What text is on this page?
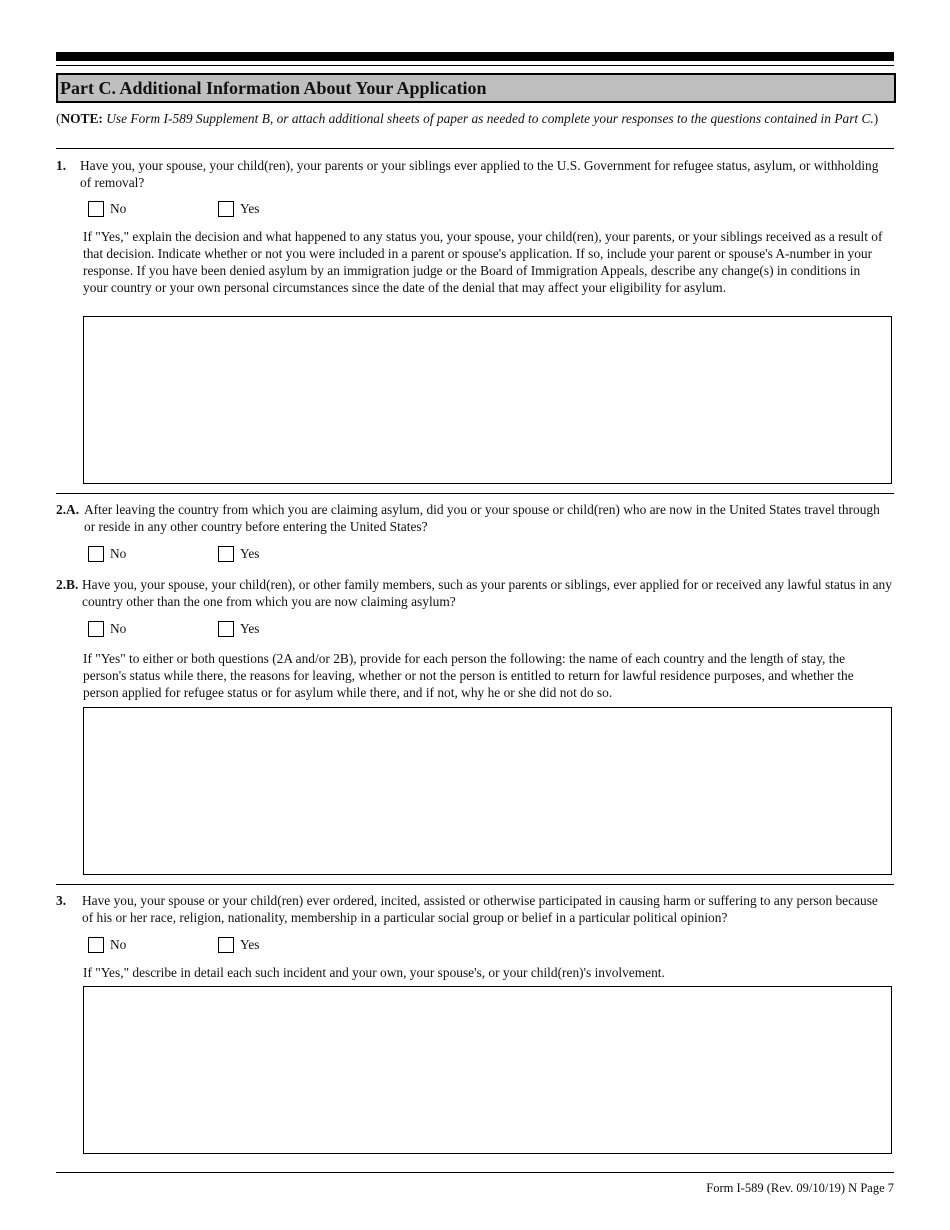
Part C. Additional Information About Your Application
(NOTE: Use Form I-589 Supplement B, or attach additional sheets of paper as needed to complete your responses to the questions contained in Part C.)
1. Have you, your spouse, your child(ren), your parents or your siblings ever applied to the U.S. Government for refugee status, asylum, or withholding of removal?
No	Yes
If "Yes," explain the decision and what happened to any status you, your spouse, your child(ren), your parents, or your siblings received as a result of that decision. Indicate whether or not you were included in a parent or spouse's application. If so, include your parent or spouse's A-number in your response. If you have been denied asylum by an immigration judge or the Board of Immigration Appeals, describe any change(s) in conditions in your country or your own personal circumstances since the date of the denial that may affect your eligibility for asylum.
2.A. After leaving the country from which you are claiming asylum, did you or your spouse or child(ren) who are now in the United States travel through or reside in any other country before entering the United States?
No	Yes
2.B. Have you, your spouse, your child(ren), or other family members, such as your parents or siblings, ever applied for or received any lawful status in any country other than the one from which you are now claiming asylum?
No	Yes
If "Yes" to either or both questions (2A and/or 2B), provide for each person the following: the name of each country and the length of stay, the person's status while there, the reasons for leaving, whether or not the person is entitled to return for lawful residence purposes, and whether the person applied for refugee status or for asylum while there, and if not, why he or she did not do so.
3. Have you, your spouse or your child(ren) ever ordered, incited, assisted or otherwise participated in causing harm or suffering to any person because of his or her race, religion, nationality, membership in a particular social group or belief in a particular political opinion?
No	Yes
If "Yes," describe in detail each such incident and your own, your spouse's, or your child(ren)'s involvement.
Form I-589 (Rev. 09/10/19) N Page 7
